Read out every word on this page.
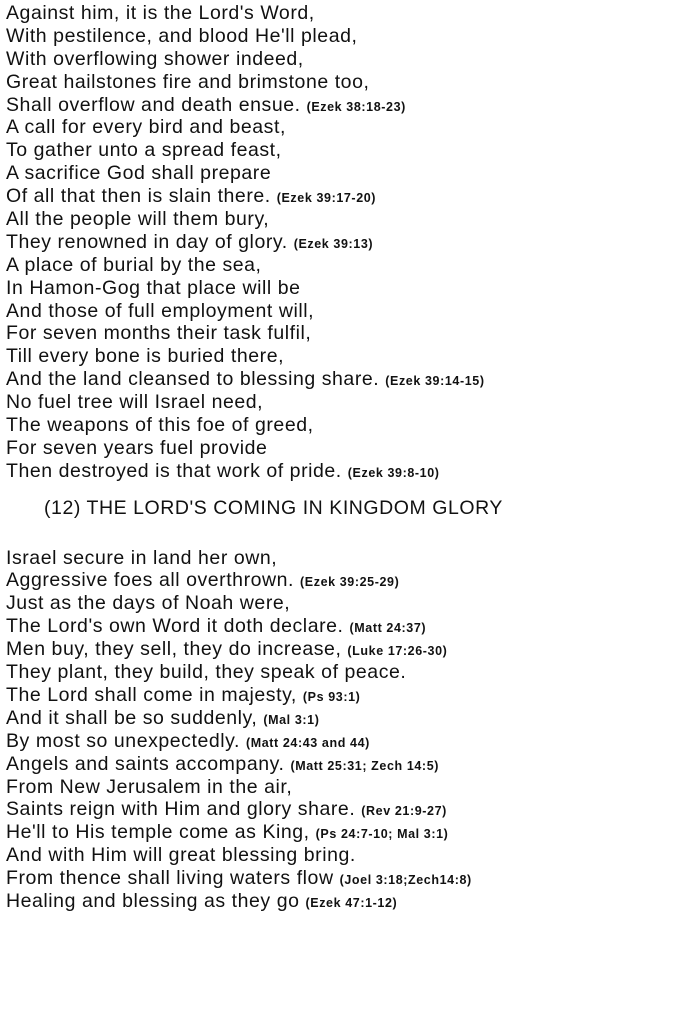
Against him, it is the Lord's Word,
With pestilence, and blood He'll plead,
With overflowing shower indeed,
Great hailstones fire and brimstone too,
Shall overflow and death ensue. (Ezek 38:18-23)
A call for every bird and beast,
To gather unto a spread feast,
A sacrifice God shall prepare
Of all that then is slain there. (Ezek 39:17-20)
All the people will them bury,
They renowned in day of glory. (Ezek 39:13)
A place of burial by the sea,
In Hamon-Gog that place will be
And those of full employment will,
For seven months their task fulfil,
Till every bone is buried there,
And the land cleansed to blessing share. (Ezek 39:14-15)
No fuel tree will Israel need,
The weapons of this foe of greed,
For seven years fuel provide
Then destroyed is that work of pride. (Ezek 39:8-10)
(12) THE LORD'S COMING IN KINGDOM GLORY
Israel secure in land her own,
Aggressive foes all overthrown. (Ezek 39:25-29)
Just as the days of Noah were,
The Lord's own Word it doth declare. (Matt 24:37)
Men buy, they sell, they do increase, (Luke 17:26-30)
They plant, they build, they speak of peace.
The Lord shall come in majesty, (Ps 93:1)
And it shall be so suddenly, (Mal 3:1)
By most so unexpectedly. (Matt 24:43 and 44)
Angels and saints accompany. (Matt 25:31; Zech 14:5)
From New Jerusalem in the air,
Saints reign with Him and glory share. (Rev 21:9-27)
He'll to His temple come as King, (Ps 24:7-10; Mal 3:1)
And with Him will great blessing bring.
From thence shall living waters flow (Joel 3:18;Zech14:8)
Healing and blessing as they go (Ezek 47:1-12)
